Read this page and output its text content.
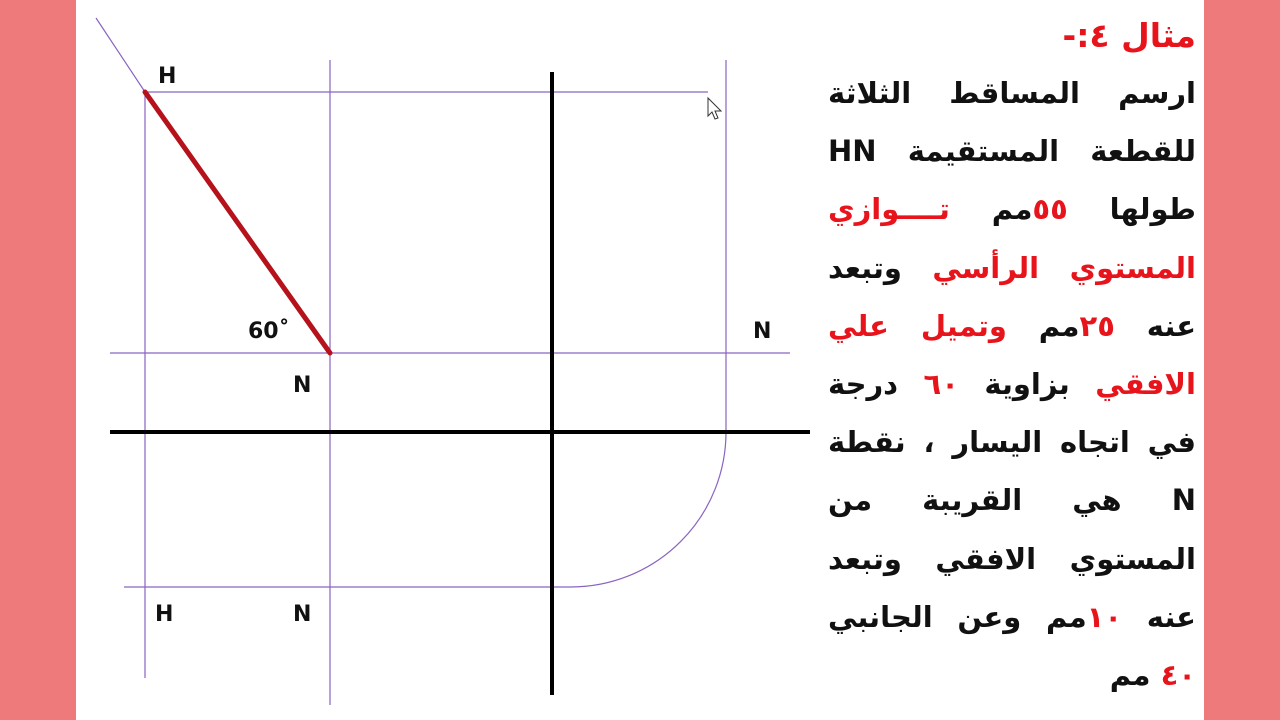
H
60˚
N
N
H	N
مثال ٤:-

ارسم المساقط الثلاثة للقطعة المستقيمة HN طولها ٥٥مم تــــوازي المستوي الرأسي وتبعد عنه ٢٥مم وتميل علي الافقي بزاوية ٦٠ درجة في اتجاه اليسار ، نقطة N هي القريبة من المستوي الافقي وتبعد عنه ١٠مم وعن الجانبي ٤٠ مم
